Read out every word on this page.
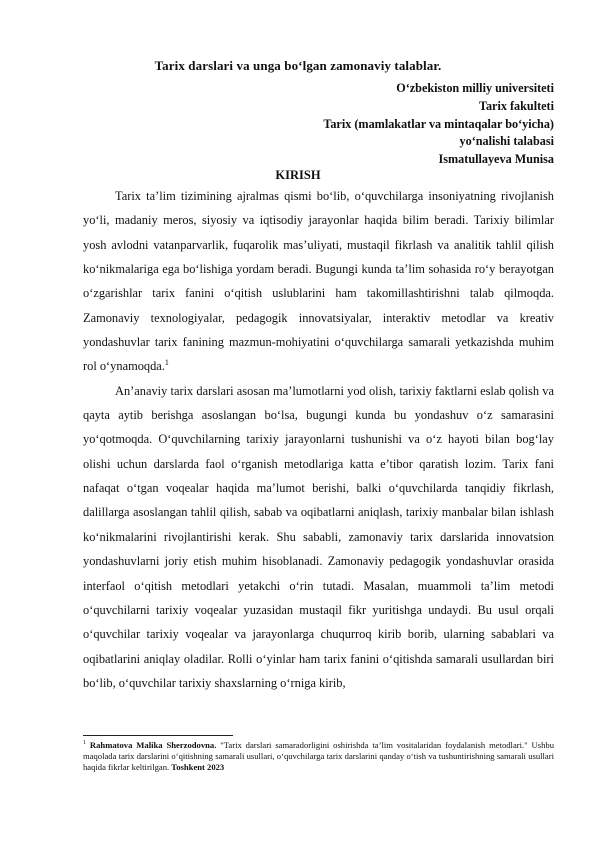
Tarix darslari va unga bo‘lgan zamonaviy talablar.
O‘zbekiston milliy universiteti
Tarix fakulteti
Tarix (mamlakatlar va mintaqalar bo‘yicha)
yo‘nalishi talabasi
Ismatullayeva Munisa
KIRISH

Tarix ta’lim tizimining ajralmas qismi bo‘lib, o‘quvchilarga insoniyatning rivojlanish yo‘li, madaniy meros, siyosiy va iqtisodiy jarayonlar haqida bilim beradi. Tarixiy bilimlar yosh avlodni vatanparvarlik, fuqarolik mas’uliyati, mustaqil fikrlash va analitik tahlil qilish ko‘nikmalariga ega bo‘lishiga yordam beradi. Bugungi kunda ta’lim sohasida ro‘y berayotgan o‘zgarishlar tarix fanini o‘qitish uslublarini ham takomillashtirishni talab qilmoqda. Zamonaviy texnologiyalar, pedagogik innovatsiyalar, interaktiv metodlar va kreativ yondashuvlar tarix fanining mazmun-mohiyatini o‘quvchilarga samarali yetkazishda muhim rol o‘ynamoqda.$^1$

An’anaviy tarix darslari asosan ma’lumotlarni yod olish, tarixiy faktlarni eslab qolish va qayta aytib berishga asoslangan bo‘lsa, bugungi kunda bu yondashuv o‘z samarasini yo‘qotmoqda. O‘quvchilarning tarixiy jarayonlarni tushunishi va o‘z hayoti bilan bog‘lay olishi uchun darslarda faol o‘rganish metodlariga katta e’tibor qaratish lozim. Tarix fani nafaqat o‘tgan voqealar haqida ma’lumot berishi, balki o‘quvchilarda tanqidiy fikrlash, dalillarga asoslangan tahlil qilish, sabab va oqibatlarni aniqlash, tarixiy manbalar bilan ishlash ko‘nikmalarini rivojlantirishi kerak. Shu sababli, zamonaviy tarix darslarida innovatsion yondashuvlarni joriy etish muhim hisoblanadi. Zamonaviy pedagogik yondashuvlar orasida interfaol o‘qitish metodlari yetakchi o‘rin tutadi. Masalan, muammoli ta’lim metodi o‘quvchilarni tarixiy voqealar yuzasidan mustaqil fikr yuritishga undaydi. Bu usul orqali o‘quvchilar tarixiy voqealar va jarayonlarga chuqurroq kirib borib, ularning sabablari va oqibatlarini aniqlay oladilar. Rolli o‘yinlar ham tarix fanini o‘qitishda samarali usullardan biri bo‘lib, o‘quvchilar tarixiy shaxslarning o‘rniga kirib,

$^1$ Rahmatova Malika Sherzodovna. "Tarix darslari samaradorligini oshirishda ta’lim vositalaridan foydalanish metodlari." Ushbu maqolada tarix darslarini o‘qitishning samarali usullari, o‘quvchilarga tarix darslarini qanday o‘tish va tushuntirishning samarali usullari haqida fikrlar keltirilgan. Toshkent 2023
